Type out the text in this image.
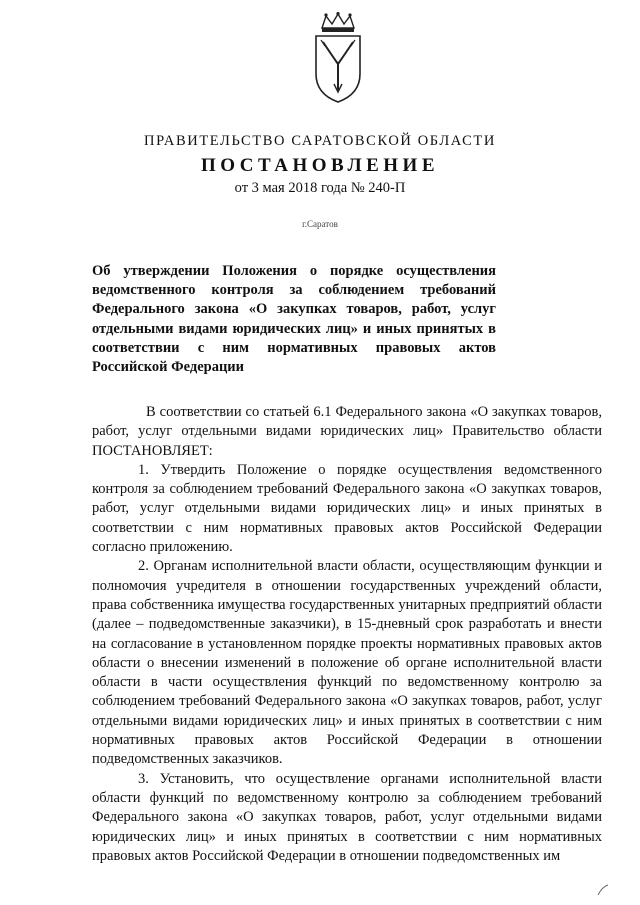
ПРАВИТЕЛЬСТВО САРАТОВСКОЙ ОБЛАСТИ
ПОСТАНОВЛЕНИЕ
от 3 мая 2018 года № 240-П
г.Саратов
Об утверждении Положения о порядке осуществления ведомственного контроля за соблюдением требований Федерального закона «О закупках товаров, работ, услуг отдельными видами юридических лиц» и иных принятых в соответствии с ним нормативных правовых актов Российской Федерации

В соответствии со статьей 6.1 Федерального закона «О закупках товаров, работ, услуг отдельными видами юридических лиц» Правительство области ПОСТАНОВЛЯЕТ:

1. Утвердить Положение о порядке осуществления ведомственного контроля за соблюдением требований Федерального закона «О закупках товаров, работ, услуг отдельными видами юридических лиц» и иных принятых в соответствии с ним нормативных правовых актов Российской Федерации согласно приложению.

2. Органам исполнительной власти области, осуществляющим функции и полномочия учредителя в отношении государственных учреждений области, права собственника имущества государственных унитарных предприятий области (далее – подведомственные заказчики), в 15-дневный срок разработать и внести на согласование в установленном порядке проекты нормативных правовых актов области о внесении изменений в положение об органе исполнительной власти области в части осуществления функций по ведомственному контролю за соблюдением требований Федерального закона «О закупках товаров, работ, услуг отдельными видами юридических лиц» и иных принятых в соответствии с ним нормативных правовых актов Российской Федерации в отношении подведомственных заказчиков.

3. Установить, что осуществление органами исполнительной власти области функций по ведомственному контролю за соблюдением требований Федерального закона «О закупках товаров, работ, услуг отдельными видами юридических лиц» и иных принятых в соответствии с ним нормативных правовых актов Российской Федерации в отношении подведомственных им
